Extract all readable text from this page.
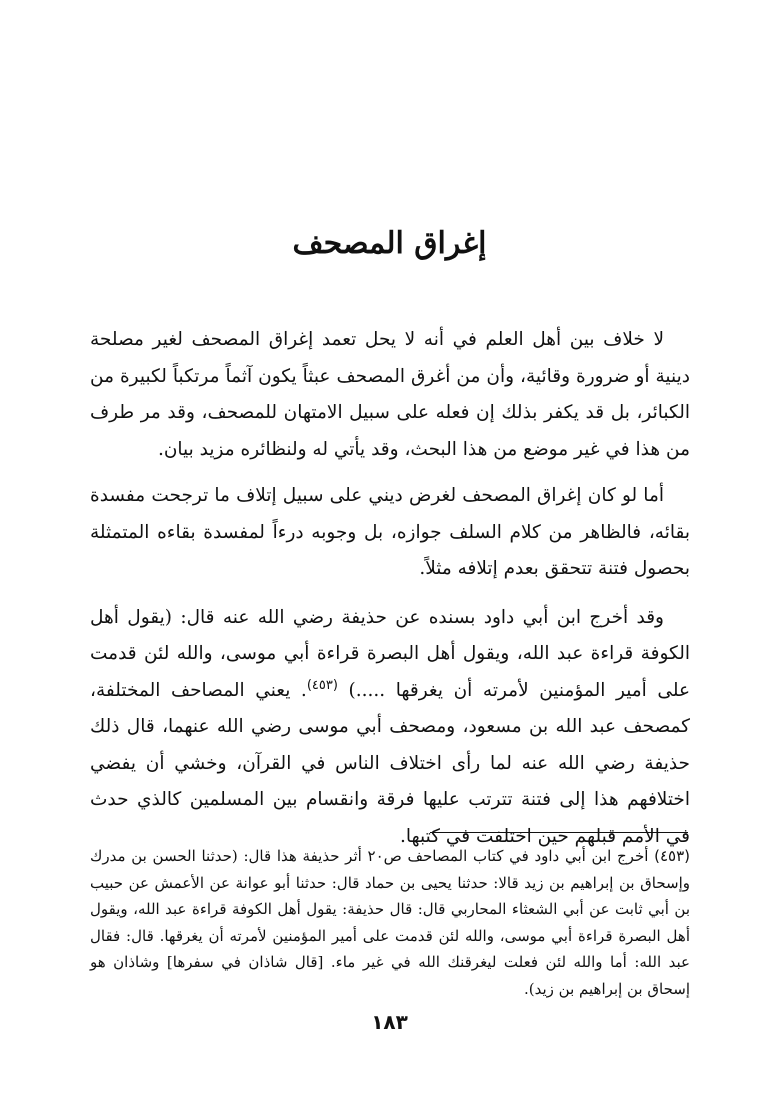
إغراق المصحف

لا خلاف بين أهل العلم في أنه لا يحل تعمد إغراق المصحف لغير مصلحة دينية أو ضرورة وقائية، وأن من أغرق المصحف عبثاً يكون آثماً مرتكباً لكبيرة من الكبائر، بل قد يكفر بذلك إن فعله على سبيل الامتهان للمصحف، وقد مر طرف من هذا في غير موضع من هذا البحث، وقد يأتي له ولنظائره مزيد بيان.

أما لو كان إغراق المصحف لغرض ديني على سبيل إتلاف ما ترجحت مفسدة بقائه، فالظاهر من كلام السلف جوازه، بل وجوبه درءاً لمفسدة بقاءه المتمثلة بحصول فتنة تتحقق بعدم إتلافه مثلاً.

وقد أخرج ابن أبي داود بسنده عن حذيفة رضي الله عنه قال: (يقول أهل الكوفة قراءة عبد الله، ويقول أهل البصرة قراءة أبي موسى، والله لئن قدمت على أمير المؤمنين لأمرته أن يغرقها .....) $^{(٤٥٣)}$. يعني المصاحف المختلفة، كمصحف عبد الله بن مسعود، ومصحف أبي موسى رضي الله عنهما، قال ذلك حذيفة رضي الله عنه لما رأى اختلاف الناس في القرآن، وخشي أن يفضي اختلافهم هذا إلى فتنة تترتب عليها فرقة وانقسام بين المسلمين كالذي حدث في الأمم قبلهم حين اختلفت في كتبها.

(٤٥٣) أخرج ابن أبي داود في كتاب المصاحف ص٢٠ أثر حذيفة هذا قال: (حدثنا الحسن بن مدرك وإسحاق بن إبراهيم بن زيد قالا: حدثنا يحيى بن حماد قال: حدثنا أبو عوانة عن الأعمش عن حبيب بن أبي ثابت عن أبي الشعثاء المحاربي قال: قال حذيفة: يقول أهل الكوفة قراءة عبد الله، ويقول أهل البصرة قراءة أبي موسى، والله لئن قدمت على أمير المؤمنين لأمرته أن يغرقها. قال: فقال عبد الله: أما والله لئن فعلت ليغرقنك الله في غير ماء. [قال شاذان في سفرها] وشاذان هو إسحاق بن إبراهيم بن زيد).

١٨٣
